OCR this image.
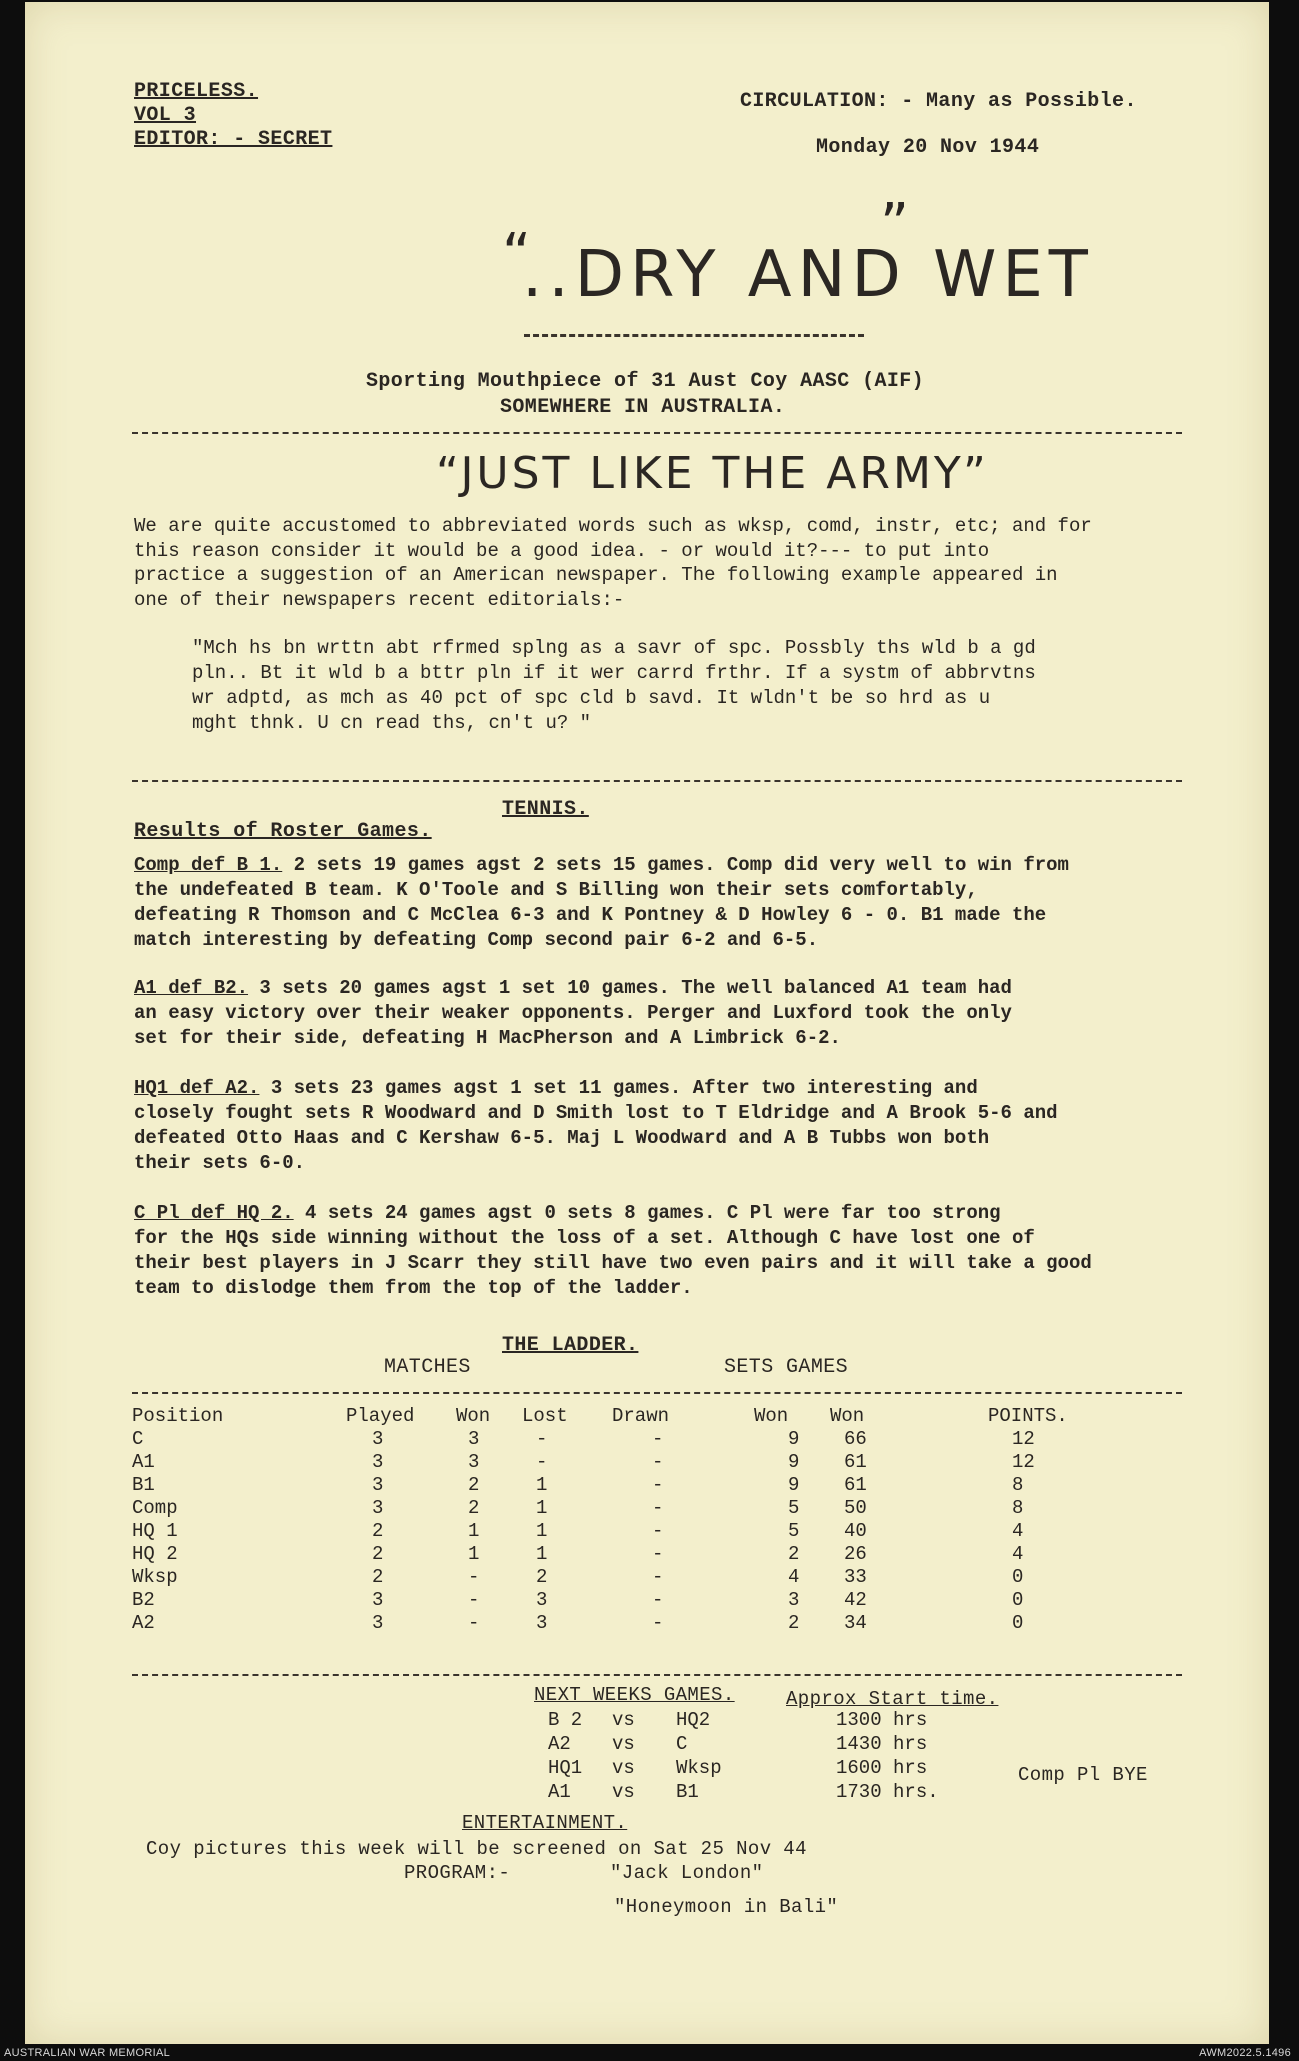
PRICELESS.
VOL 3
EDITOR: - SECRET
CIRCULATION: - Many as Possible.
Monday 20 Nov 1944
“
..DRY AND WET
”
Sporting Mouthpiece of 31 Aust Coy AASC (AIF)
SOMEWHERE IN AUSTRALIA.
“JUST LIKE THE ARMY”
We are quite accustomed to abbreviated words such as wksp, comd, instr, etc; and for
this reason consider it would be a good idea. - or would it?--- to put into
practice a suggestion of an American newspaper. The following example appeared in
one of their newspapers recent editorials:-
"Mch hs bn wrttn abt rfrmed splng as a savr of spc. Possbly ths wld b a gd
pln.. Bt it wld b a bttr pln if it wer carrd frthr. If a systm of abbrvtns
wr adptd, as mch as 40 pct of spc cld b savd. It wldn't be so hrd as u
mght thnk. U cn read ths, cn't u? "
TENNIS.
Results of Roster Games.
Comp def B 1. 2 sets 19 games agst 2 sets 15 games. Comp did very well to win from
the undefeated B team. K O'Toole and S Billing won their sets comfortably,
defeating R Thomson and C McClea 6-3 and K Pontney & D Howley 6 - 0. B1 made the
match interesting by defeating Comp second pair 6-2 and 6-5.
A1 def B2. 3 sets 20 games agst 1 set 10 games. The well balanced A1 team had
an easy victory over their weaker opponents. Perger and Luxford took the only
set for their side, defeating H MacPherson and A Limbrick 6-2.
HQ1 def A2. 3 sets 23 games agst 1 set 11 games. After two interesting and
closely fought sets R Woodward and D Smith lost to T Eldridge and A Brook 5-6 and
defeated Otto Haas and C Kershaw 6-5. Maj L Woodward and A B Tubbs won both
their sets 6-0.
C Pl def HQ 2. 4 sets 24 games agst 0 sets 8 games. C Pl were far too strong
for the HQs side winning without the loss of a set. Although C have lost one of
their best players in J Scarr they still have two even pairs and it will take a good
team to dislodge them from the top of the ladder.
THE LADDER.
MATCHES	SETS GAMES
Position	Played	Won	Lost	Drawn	Won	Won	POINTS.
C	3	3	-	-	9	66	12
A1	3	3	-	-	9	61	12
B1	3	2	1	-	9	61	8
Comp	3	2	1	-	5	50	8
HQ 1	2	1	1	-	5	40	4
HQ 2	2	1	1	-	2	26	4
Wksp	2	-	2	-	4	33	0
B2	3	-	3	-	3	42	0
A2	3	-	3	-	2	34	0
NEXT WEEKS GAMES.	Approx Start time.
B 2	vs	HQ2	1300 hrs
A2	vs	C	1430 hrs
HQ1	vs	Wksp	1600 hrs
A1	vs	B1	1730 hrs.
Comp Pl BYE
ENTERTAINMENT.
Coy pictures this week will be screened on Sat 25 Nov 44
PROGRAM:-	"Jack London"
"Honeymoon in Bali"
AUSTRALIAN WAR MEMORIAL	AWM2022.5.1496
